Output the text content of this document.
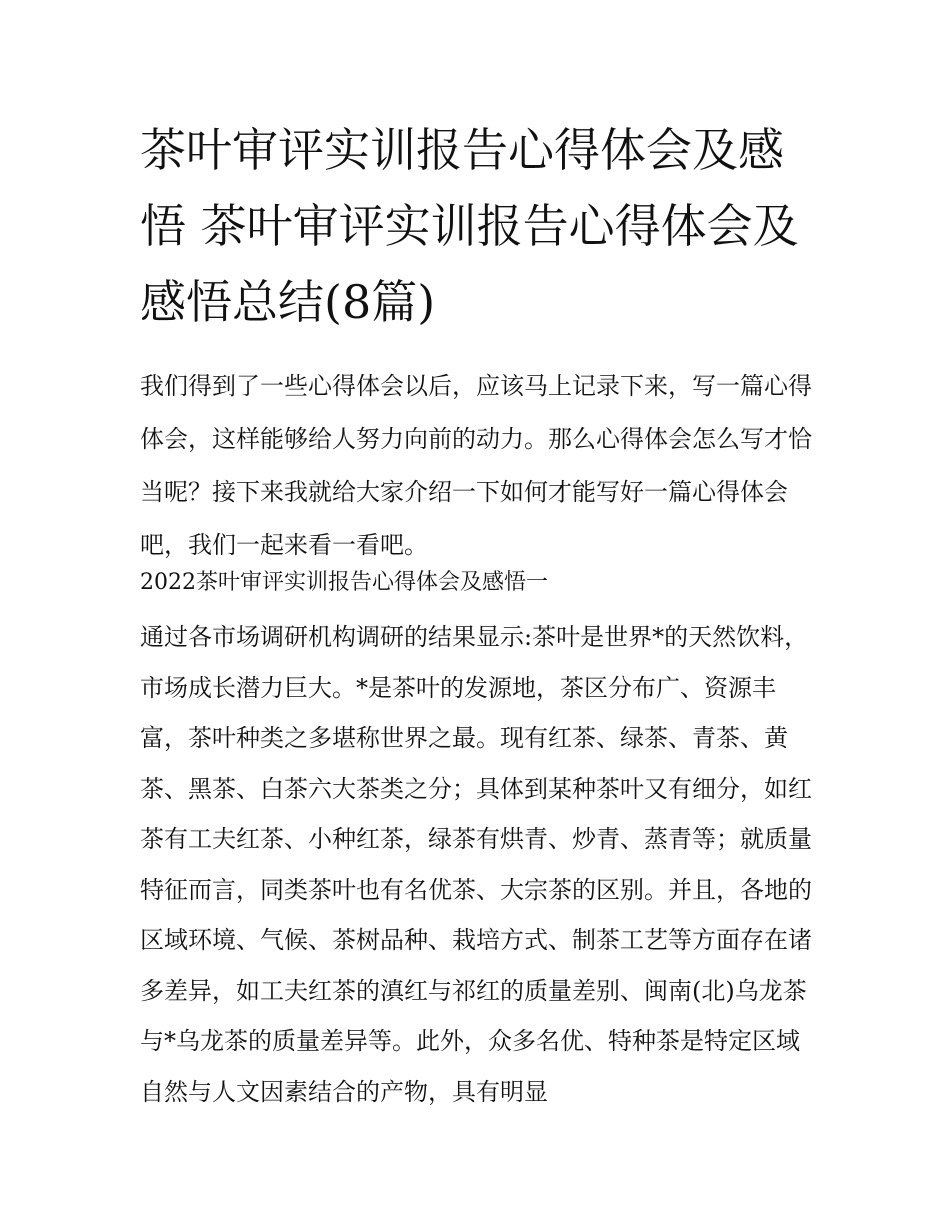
茶叶审评实训报告心得体会及感悟 茶叶审评实训报告心得体会及感悟总结(8篇)

我们得到了一些心得体会以后，应该马上记录下来，写一篇心得体会，这样能够给人努力向前的动力。那么心得体会怎么写才恰当呢？接下来我就给大家介绍一下如何才能写好一篇心得体会吧，我们一起来看一看吧。

2022茶叶审评实训报告心得体会及感悟一

通过各市场调研机构调研的结果显示:茶叶是世界*的天然饮料，市场成长潜力巨大。*是茶叶的发源地，茶区分布广、资源丰富，茶叶种类之多堪称世界之最。现有红茶、绿茶、青茶、黄茶、黑茶、白茶六大茶类之分；具体到某种茶叶又有细分，如红茶有工夫红茶、小种红茶，绿茶有烘青、炒青、蒸青等；就质量特征而言，同类茶叶也有名优茶、大宗茶的区别。并且，各地的区域环境、气候、茶树品种、栽培方式、制茶工艺等方面存在诸多差异，如工夫红茶的滇红与祁红的质量差别、闽南(北)乌龙茶与*乌龙茶的质量差异等。此外，众多名优、特种茶是特定区域自然与人文因素结合的产物，具有明显
